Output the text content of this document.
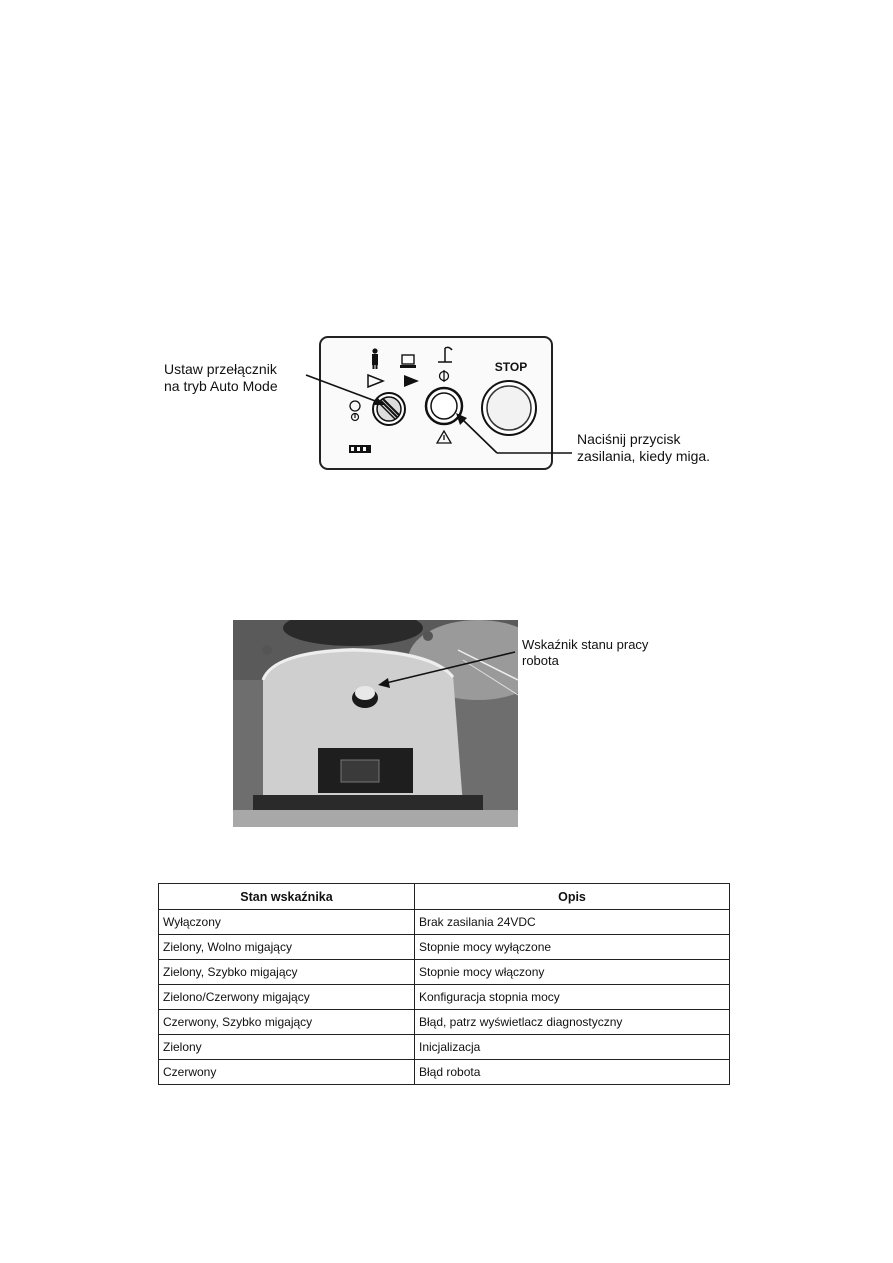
Ustaw przełącznik
na tryb Auto Mode
STOP
Naciśnij przycisk
zasilania, kiedy miga.
Wskaźnik stanu pracy
robota
Stan wskaźnika	Opis
Wyłączony	Brak zasilania 24VDC
Zielony, Wolno migający	Stopnie mocy wyłączone
Zielony, Szybko migający	Stopnie mocy włączony
Zielono/Czerwony migający	Konfiguracja stopnia mocy
Czerwony, Szybko migający	Błąd, patrz wyświetlacz diagnostyczny
Zielony	Inicjalizacja
Czerwony	Błąd robota
